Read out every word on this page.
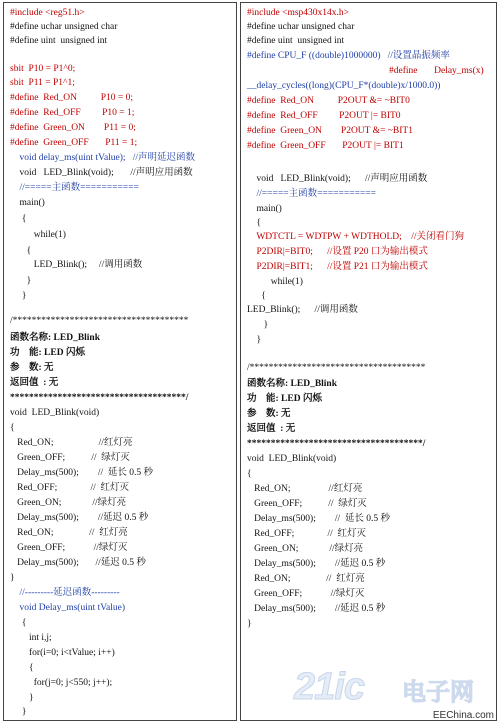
#include <reg51.h>
#define uchar unsigned char
#define uint  unsigned int
sbit  P10 = P1^0;
sbit  P11 = P1^1;
#define  Red_ON          P10 = 0;
#define  Red_OFF         P10 = 1;
#define  Green_ON        P11 = 0;
#define  Green_OFF       P11 = 1;
void delay_ms(uint tValue);   //声明延迟函数
void   LED_Blink(void);       //声明应用函数
//=====主函数===========
main()
{
while(1)
{
LED_Blink();     //调用函数
}
}
/*************************************
函数名称: LED_Blink
功    能: LED 闪烁
参    数: 无
返回值  : 无
*************************************/
void  LED_Blink(void)
{
Red_ON;                   //红灯亮
Green_OFF;           //  绿灯灭
Delay_ms(500);        //  延长 0.5 秒
Red_OFF;              //  红灯灭
Green_ON;             //绿灯亮
Delay_ms(500);        //延迟 0.5 秒
Red_ON;               //  红灯亮
Green_OFF;            //绿灯灭
Delay_ms(500);       //延迟 0.5 秒
}
//---------延迟函数---------
void Delay_ms(uint tValue)
{
int i,j;
for(i=0; i<tValue; i++)
{
for(j=0; j<550; j++);
}
}
#include <msp430x14x.h>
#define uchar unsigned char
#define uint  unsigned int
#define CPU_F ((double)1000000)   //设置晶振频率
#define       Delay_ms(x)
__delay_cycles((long)(CPU_F*(double)x/1000.0))
#define  Red_ON          P2OUT &= ~BIT0
#define  Red_OFF         P2OUT |= BIT0
#define  Green_ON        P2OUT &= ~BIT1
#define  Green_OFF       P2OUT |= BIT1
void   LED_Blink(void);      //声明应用函数
//=====主函数===========
main()
{
WDTCTL = WDTPW + WDTHOLD;    //关闭看门狗
P2DIR|=BIT0;      //设置 P20 口为输出模式
P2DIR|=BIT1;      //设置 P21 口为输出模式
while(1)
{
LED_Blink();      //调用函数
}
}
/*************************************
函数名称: LED_Blink
功    能: LED 闪烁
参    数: 无
返回值  : 无
*************************************/
void  LED_Blink(void)
{
Red_ON;                //红灯亮
Green_OFF;           //  绿灯灭
Delay_ms(500);        //  延长 0.5 秒
Red_OFF;              //  红灯灭
Green_ON;             //绿灯亮
Delay_ms(500);        //延迟 0.5 秒
Red_ON;               //  红灯亮
Green_OFF;            //绿灯灭
Delay_ms(500);        //延迟 0.5 秒
}
21ic 电子网
EEChina.com
